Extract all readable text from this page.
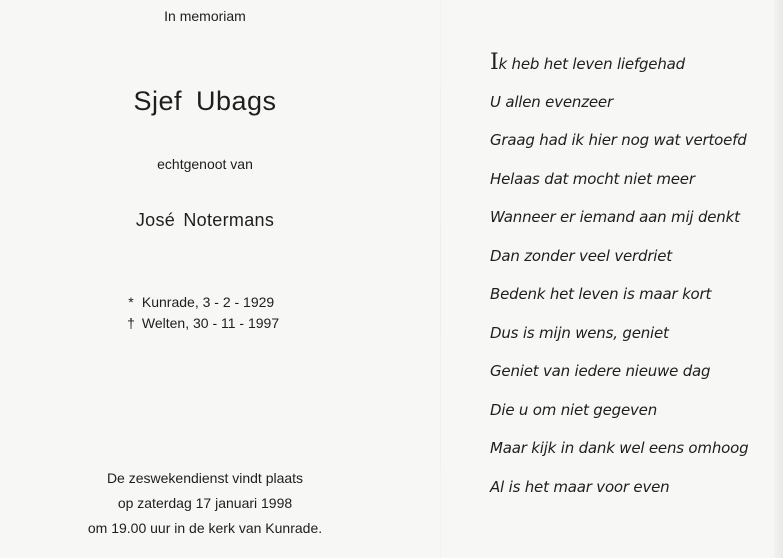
In memoriam
Sjef Ubags
echtgenoot van
José Notermans
* Kunrade, 3 - 2 - 1929
† Welten, 30 - 11 - 1997
De zeswekendienst vindt plaats
op zaterdag 17 januari 1998
om 19.00 uur in de kerk van Kunrade.
Ik heb het leven liefgehad
U allen evenzeer
Graag had ik hier nog wat vertoefd
Helaas dat mocht niet meer
Wanneer er iemand aan mij denkt
Dan zonder veel verdriet
Bedenk het leven is maar kort
Dus is mijn wens, geniet
Geniet van iedere nieuwe dag
Die u om niet gegeven
Maar kijk in dank wel eens omhoog
Al is het maar voor even
